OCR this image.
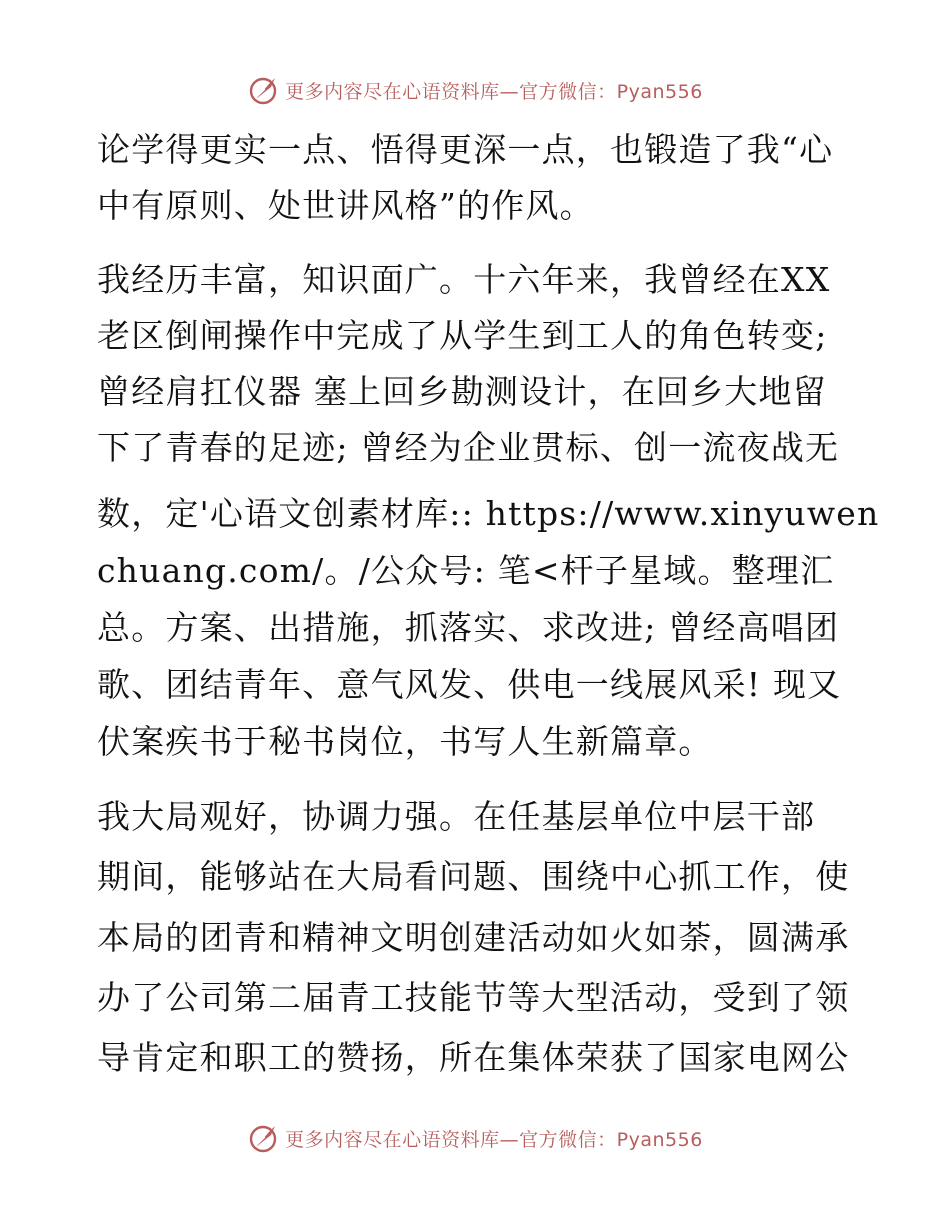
更多内容尽在心语资料库—官方微信：Pyan556
论学得更实一点、悟得更深一点，也锻造了我“心
中有原则、处世讲风格”的作风。
我经历丰富，知识面广。十六年来，我曾经在XX
老区倒闸操作中完成了从学生到工人的角色转变;
曾经肩扛仪器 塞上回乡勘测设计，在回乡大地留
下了青春的足迹; 曾经为企业贯标、创一流夜战无
数，定'心语文创素材库:: https://www.xinyuwen
chuang.com/。/公众号: 笔<杆子星域。整理汇
总。方案、出措施，抓落实、求改进; 曾经高唱团
歌、团结青年、意气风发、供电一线展风采! 现又
伏案疾书于秘书岗位，书写人生新篇章。
我大局观好，协调力强。在任基层单位中层干部
期间，能够站在大局看问题、围绕中心抓工作，使
本局的团青和精神文明创建活动如火如荼，圆满承
办了公司第二届青工技能节等大型活动，受到了领
导肯定和职工的赞扬，所在集体荣获了国家电网公
更多内容尽在心语资料库—官方微信：Pyan556
